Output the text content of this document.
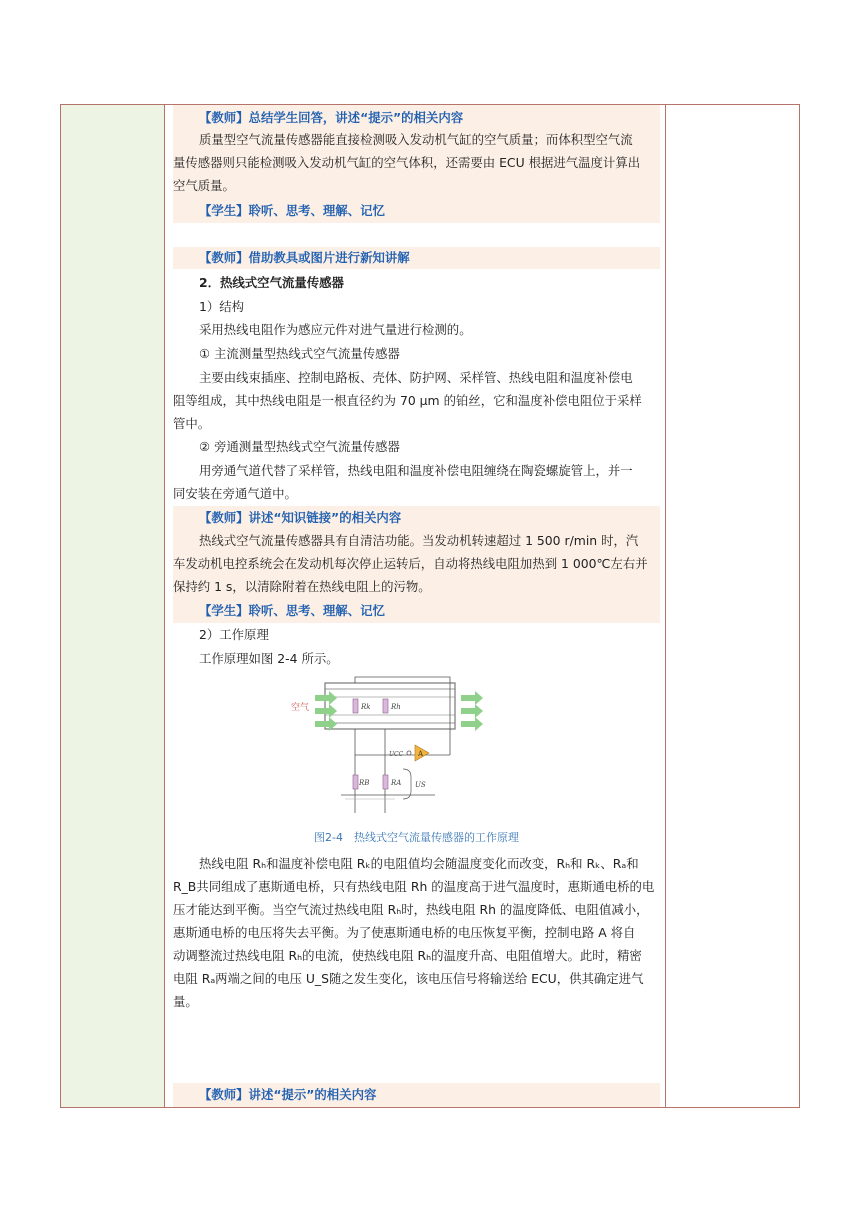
【教师】总结学生回答，讲述“提示”的相关内容
质量型空气流量传感器能直接检测吸入发动机气缸的空气质量；而体积型空气流
量传感器则只能检测吸入发动机气缸的空气体积，还需要由 ECU 根据进气温度计算出
空气质量。
【学生】聆听、思考、理解、记忆
【教师】借助教具或图片进行新知讲解
2．热线式空气流量传感器
1）结构
采用热线电阻作为感应元件对进气量进行检测的。
① 主流测量型热线式空气流量传感器
主要由线束插座、控制电路板、壳体、防护网、采样管、热线电阻和温度补偿电
阻等组成，其中热线电阻是一根直径约为 70 μm 的铂丝，它和温度补偿电阻位于采样
管中。
② 旁通测量型热线式空气流量传感器
用旁通气道代替了采样管，热线电阻和温度补偿电阻缠绕在陶瓷螺旋管上，并一
同安装在旁通气道中。
【教师】讲述“知识链接”的相关内容
热线式空气流量传感器具有自清洁功能。当发动机转速超过 1 500 r/min 时，汽
车发动机电控系统会在发动机每次停止运转后，自动将热线电阻加热到 1 000℃左右并
保持约 1 s，以清除附着在热线电阻上的污物。
【学生】聆听、思考、理解、记忆
2）工作原理
工作原理如图 2-4 所示。
空气	Rk	Rh
A
UCC
RB	RA US
图2-4　热线式空气流量传感器的工作原理
热线电阻 Rₕ和温度补偿电阻 Rₖ的电阻值均会随温度变化而改变，Rₕ和 Rₖ、Rₐ和
R_B共同组成了惠斯通电桥，只有热线电阻 Rh 的温度高于进气温度时，惠斯通电桥的电
压才能达到平衡。当空气流过热线电阻 Rₕ时，热线电阻 Rh 的温度降低、电阻值减小，
惠斯通电桥的电压将失去平衡。为了使惠斯通电桥的电压恢复平衡，控制电路 A 将自
动调整流过热线电阻 Rₕ的电流，使热线电阻 Rₕ的温度升高、电阻值增大。此时，精密
电阻 Rₐ两端之间的电压 U_S随之发生变化，该电压信号将输送给 ECU，供其确定进气
量。
【教师】讲述“提示”的相关内容
